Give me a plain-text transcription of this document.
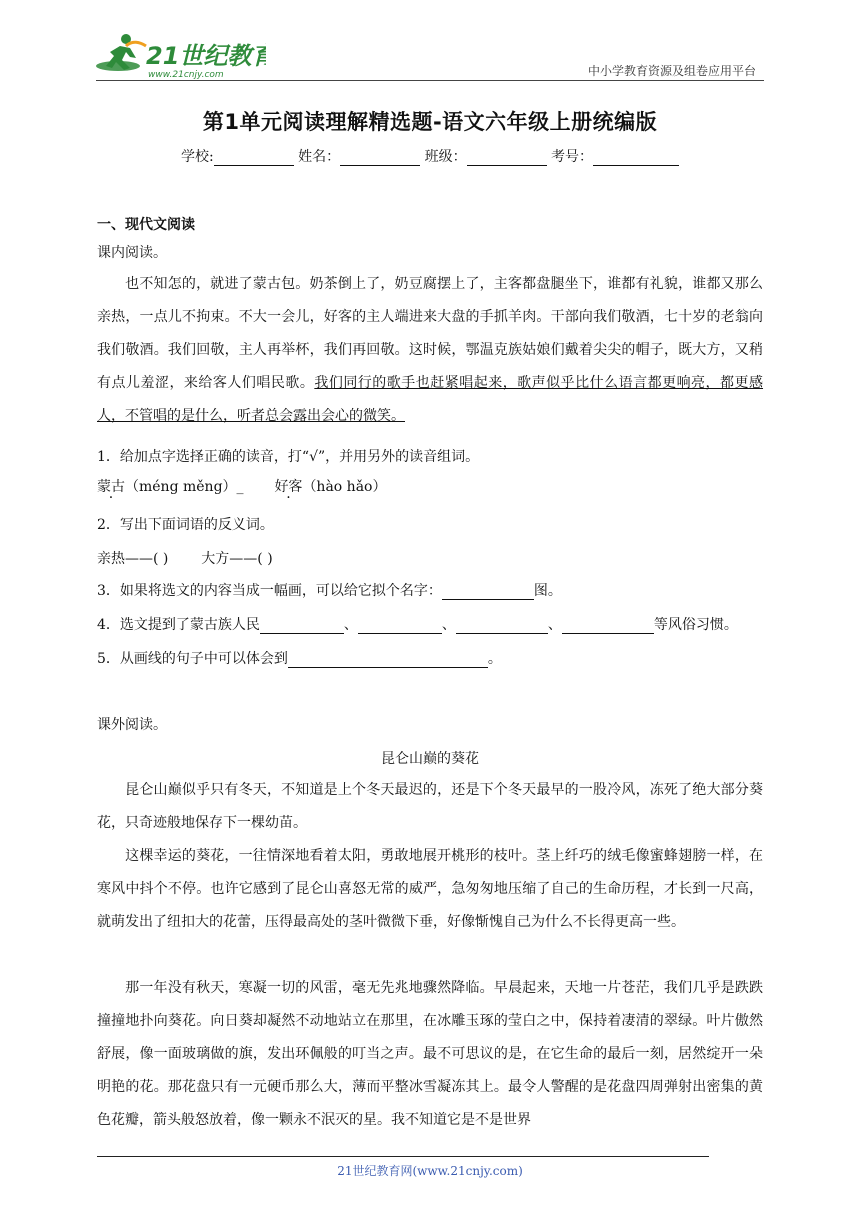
21世纪教育
www.21cnjy.com	中小学教育资源及组卷应用平台
第1单元阅读理解精选题-语文六年级上册统编版
学校:	姓名：	班级：	考号：
一、现代文阅读
课内阅读。
也不知怎的，就进了蒙古包。奶茶倒上了，奶豆腐摆上了，主客都盘腿坐下，谁都有礼貌，谁都又那么亲热，一点儿不拘束。不大一会儿，好客的主人端进来大盘的手抓羊肉。干部向我们敬酒，七十岁的老翁向我们敬酒。我们回敬，主人再举杯，我们再回敬。这时候，鄂温克族姑娘们戴着尖尖的帽子，既大方，又稍有点儿羞涩，来给客人们唱民歌。我们同行的歌手也赶紧唱起来，歌声似乎比什么语言都更响亮，都更感人，不管唱的是什么，听者总会露出会心的微笑。
1．给加点字选择正确的读音，打“√”，并用另外的读音组词。
蒙古（méng měng）_ 好客（hào hǎo）
2．写出下面词语的反义词。
亲热——( ) 大方——( )
3．如果将选文的内容当成一幅画，可以给它拟个名字：	图。
4．选文提到了蒙古族人民	、	、	、	等风俗习惯。
5．从画线的句子中可以体会到	。
课外阅读。
昆仑山巅的葵花
昆仑山巅似乎只有冬天，不知道是上个冬天最迟的，还是下个冬天最早的一股冷风，冻死了绝大部分葵花，只奇迹般地保存下一棵幼苗。
这棵幸运的葵花，一往情深地看着太阳，勇敢地展开桃形的枝叶。茎上纤巧的绒毛像蜜蜂翅膀一样，在寒风中抖个不停。也许它感到了昆仑山喜怒无常的威严，急匆匆地压缩了自己的生命历程，才长到一尺高，就萌发出了纽扣大的花蕾，压得最高处的茎叶微微下垂，好像惭愧自己为什么不长得更高一些。
那一年没有秋天，寒凝一切的风雷，毫无先兆地骤然降临。早晨起来，天地一片苍茫，我们几乎是跌跌撞撞地扑向葵花。向日葵却凝然不动地站立在那里，在冰雕玉琢的莹白之中，保持着凄清的翠绿。叶片傲然舒展，像一面玻璃做的旗，发出环佩般的叮当之声。最不可思议的是，在它生命的最后一刻，居然绽开一朵明艳的花。那花盘只有一元硬币那么大，薄而平整冰雪凝冻其上。最令人警醒的是花盘四周弹射出密集的黄色花瓣，箭头般怒放着，像一颗永不泯灭的星。我不知道它是不是世界
21世纪教育网(www.21cnjy.com)
